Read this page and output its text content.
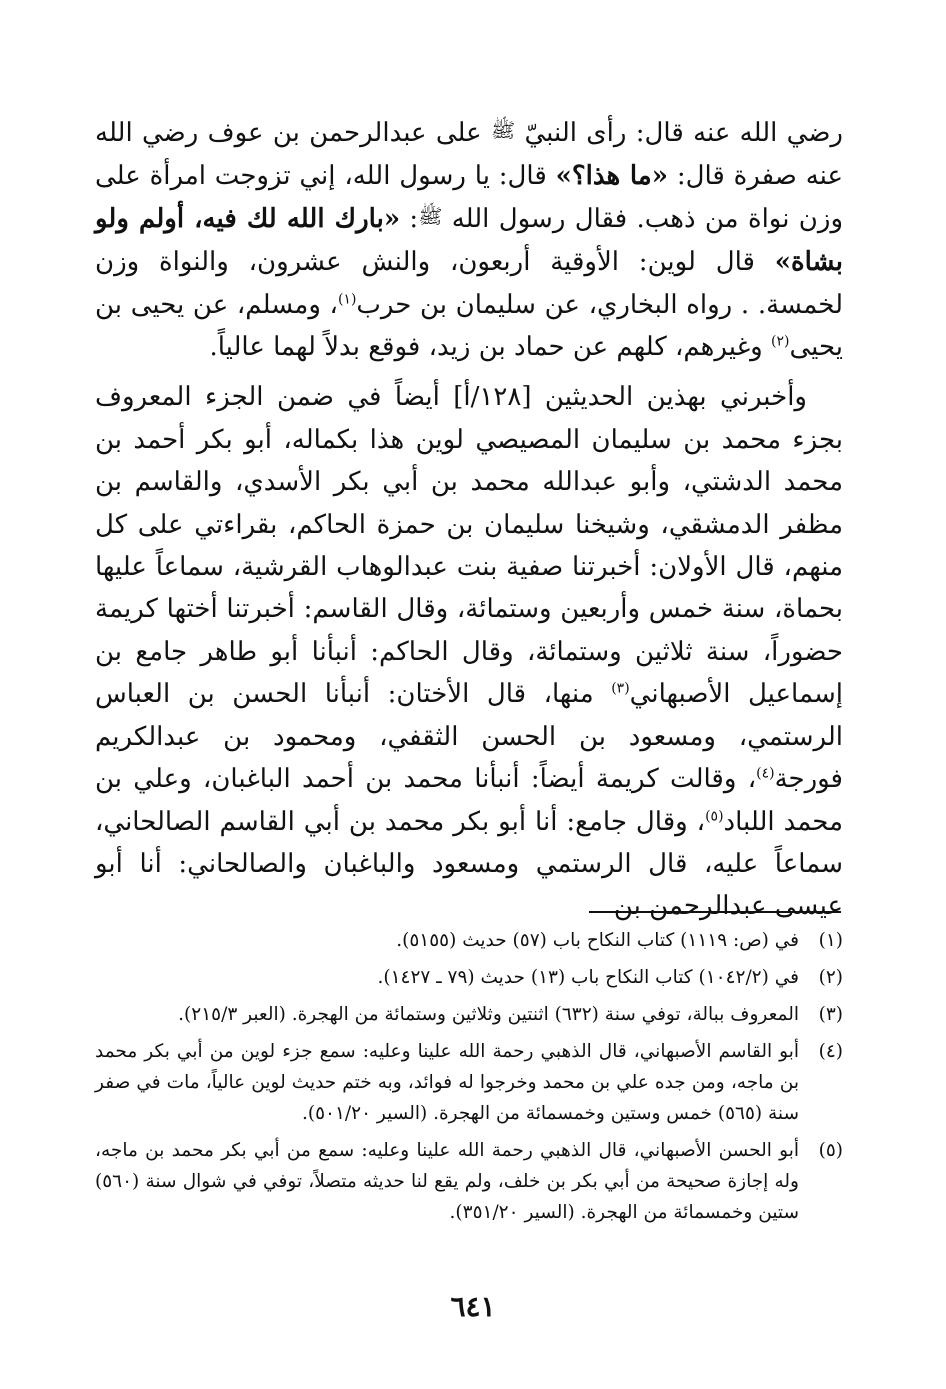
رضي الله عنه قال: رأى النبيّ ﷺ على عبدالرحمن بن عوف رضي الله عنه صفرة قال: «ما هذا؟» قال: يا رسول الله، إني تزوجت امرأة على وزن نواة من ذهب. فقال رسول الله ﷺ: «بارك الله لك فيه، أولم ولو بشاة» قال لوين: الأوقية أربعون، والنش عشرون، والنواة وزن لخمسة. . رواه البخاري، عن سليمان بن حرب$^{(١)}$، ومسلم، عن يحيى بن يحيى$^{(٢)}$ وغيرهم، كلهم عن حماد بن زيد، فوقع بدلاً لهما عالياً.

وأخبرني بهذين الحديثين [١٢٨/أ] أيضاً في ضمن الجزء المعروف بجزء محمد بن سليمان المصيصي لوين هذا بكماله، أبو بكر أحمد بن محمد الدشتي، وأبو عبدالله محمد بن أبي بكر الأسدي، والقاسم بن مظفر الدمشقي، وشيخنا سليمان بن حمزة الحاكم، بقراءتي على كل منهم، قال الأولان: أخبرتنا صفية بنت عبدالوهاب القرشية، سماعاً عليها بحماة، سنة خمس وأربعين وستمائة، وقال القاسم: أخبرتنا أختها كريمة حضوراً، سنة ثلاثين وستمائة، وقال الحاكم: أنبأنا أبو طاهر جامع بن إسماعيل الأصبهاني$^{(٣)}$ منها، قال الأختان: أنبأنا الحسن بن العباس الرستمي، ومسعود بن الحسن الثقفي، ومحمود بن عبدالكريم فورجة$^{(٤)}$، وقالت كريمة أيضاً: أنبأنا محمد بن أحمد الباغبان، وعلي بن محمد اللباد$^{(٥)}$، وقال جامع: أنا أبو بكر محمد بن أبي القاسم الصالحاني، سماعاً عليه، قال الرستمي ومسعود والباغبان والصالحاني: أنا أبو عيسى عبدالرحمن بن

(١)
في (ص: ١١١٩) كتاب النكاح باب (٥٧) حديث (٥١٥٥).
(٢)
في (١٠٤٢/٢) كتاب النكاح باب (١٣) حديث (٧٩ ـ ١٤٢٧).
(٣)
المعروف ببالة، توفي سنة (٦٣٢) اثنتين وثلاثين وستمائة من الهجرة. (العبر ٢١٥/٣).
(٤)
أبو القاسم الأصبهاني، قال الذهبي رحمة الله علينا وعليه: سمع جزء لوين من أبي بكر محمد بن ماجه، ومن جده علي بن محمد وخرجوا له فوائد، وبه ختم حديث لوين عالياً، مات في صفر سنة (٥٦٥) خمس وستين وخمسمائة من الهجرة. (السير ٥٠١/٢٠).
(٥)
أبو الحسن الأصبهاني، قال الذهبي رحمة الله علينا وعليه: سمع من أبي بكر محمد بن ماجه، وله إجازة صحيحة من أبي بكر بن خلف، ولم يقع لنا حديثه متصلاً، توفي في شوال سنة (٥٦٠) ستين وخمسمائة من الهجرة. (السير ٣٥١/٢٠).
٦٤١
